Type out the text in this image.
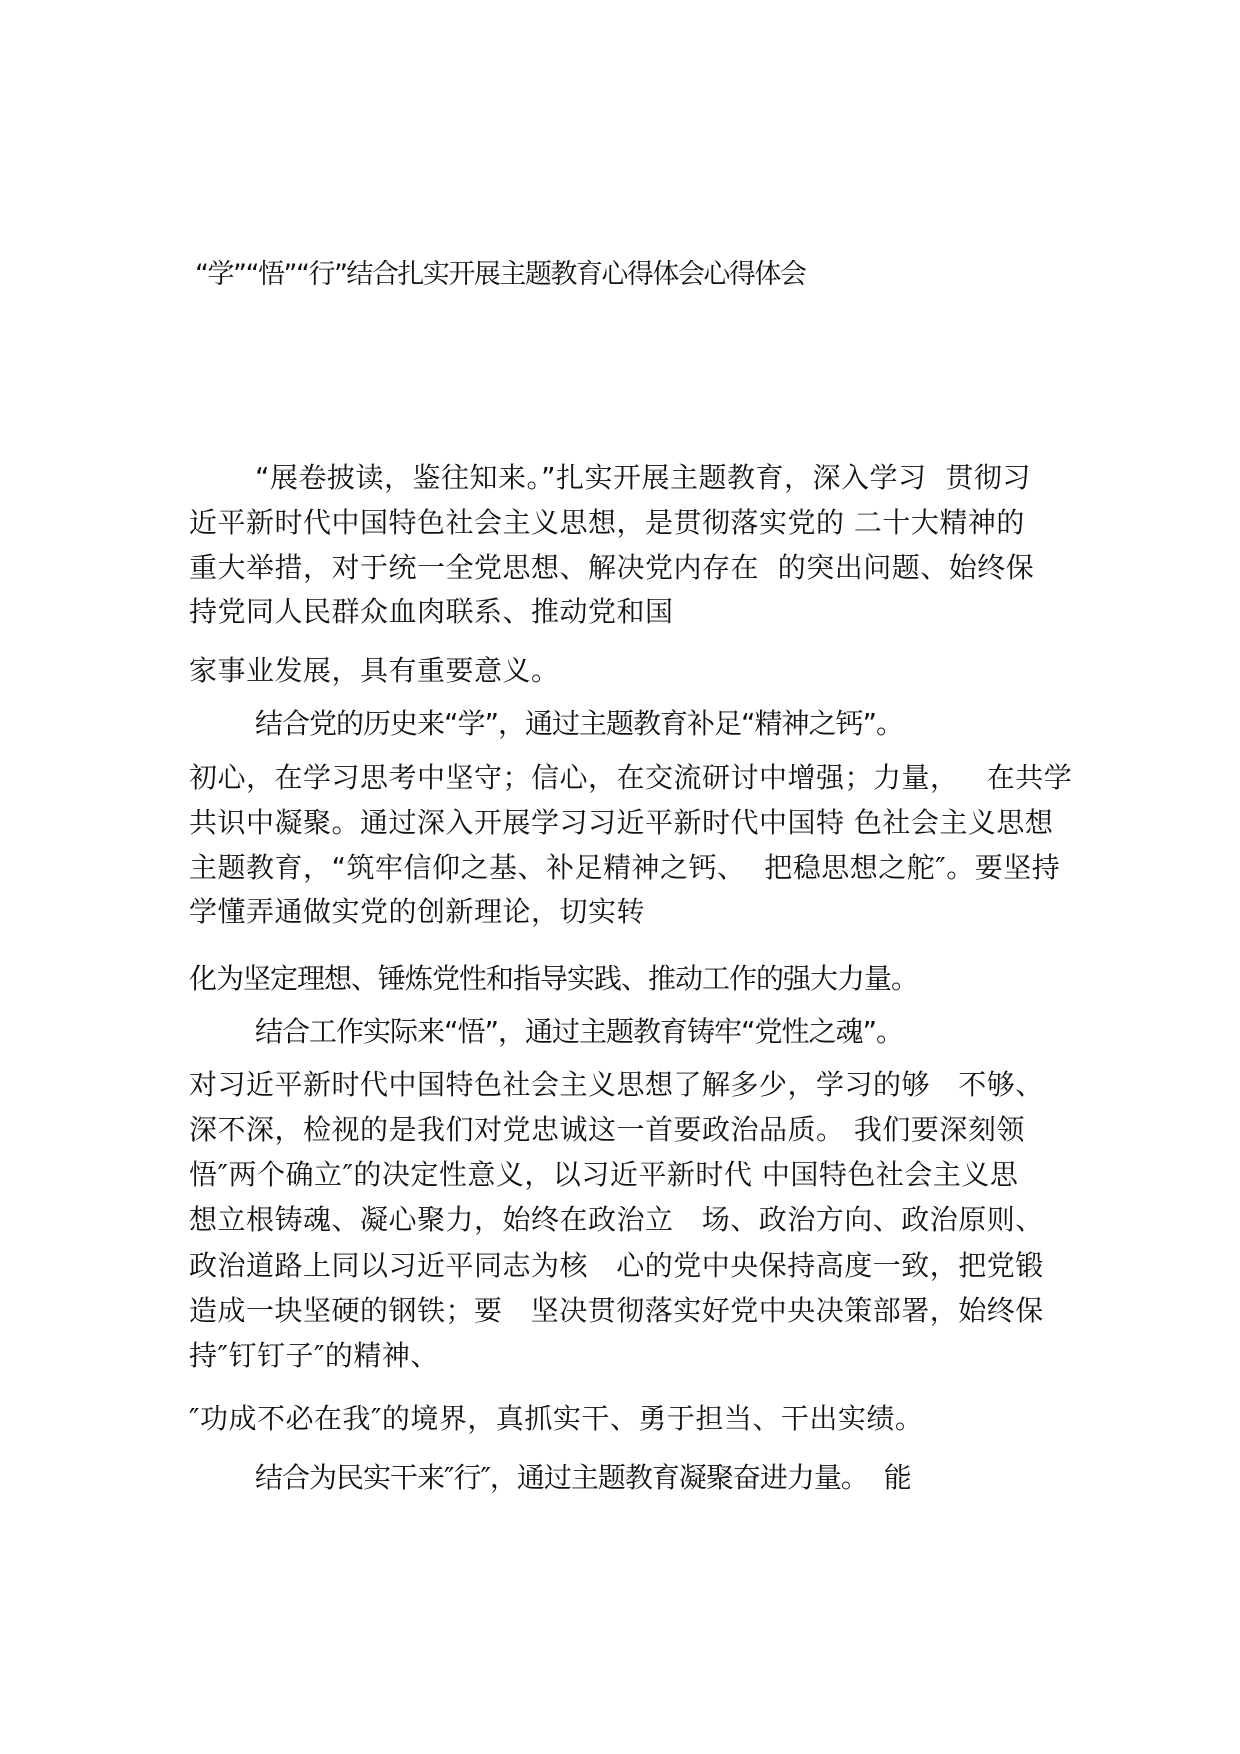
“学”“悟”“行”结合扎实开展主题教育心得体会心得体会
“展卷披读，鉴往知来。”扎实开展主题教育，深入学习  贯彻习
近平新时代中国特色社会主义思想，是贯彻落实党的 二十大精神的
重大举措，对于统一全党思想、解决党内存在  的突出问题、始终保
持党同人民群众血肉联系、推动党和国
家事业发展，具有重要意义。
结合党的历史来“学”，通过主题教育补足“精神之钙”。
初心，在学习思考中坚守；信心，在交流研讨中增强；力量，   在共学
共识中凝聚。通过深入开展学习习近平新时代中国特 色社会主义思想
主题教育，“筑牢信仰之基、补足精神之钙、  把稳思想之舵″。要坚持
学懂弄通做实党的创新理论，切实转
化为坚定理想、锤炼党性和指导实践、推动工作的强大力量。
结合工作实际来“悟”，通过主题教育铸牢“党性之魂”。
对习近平新时代中国特色社会主义思想了解多少，学习的够   不够、
深不深，检视的是我们对党忠诚这一首要政治品质。 我们要深刻领
悟″两个确立″的决定性意义，以习近平新时代 中国特色社会主义思
想立根铸魂、凝心聚力，始终在政治立   场、政治方向、政治原则、
政治道路上同以习近平同志为核   心的党中央保持高度一致，把党锻
造成一块坚硬的钢铁；要   坚决贯彻落实好党中央决策部署，始终保
持″钉钉子″的精神、
″功成不必在我″的境界，真抓实干、勇于担当、干出实绩。
结合为民实干来″行″，通过主题教育凝聚奋进力量。  能
